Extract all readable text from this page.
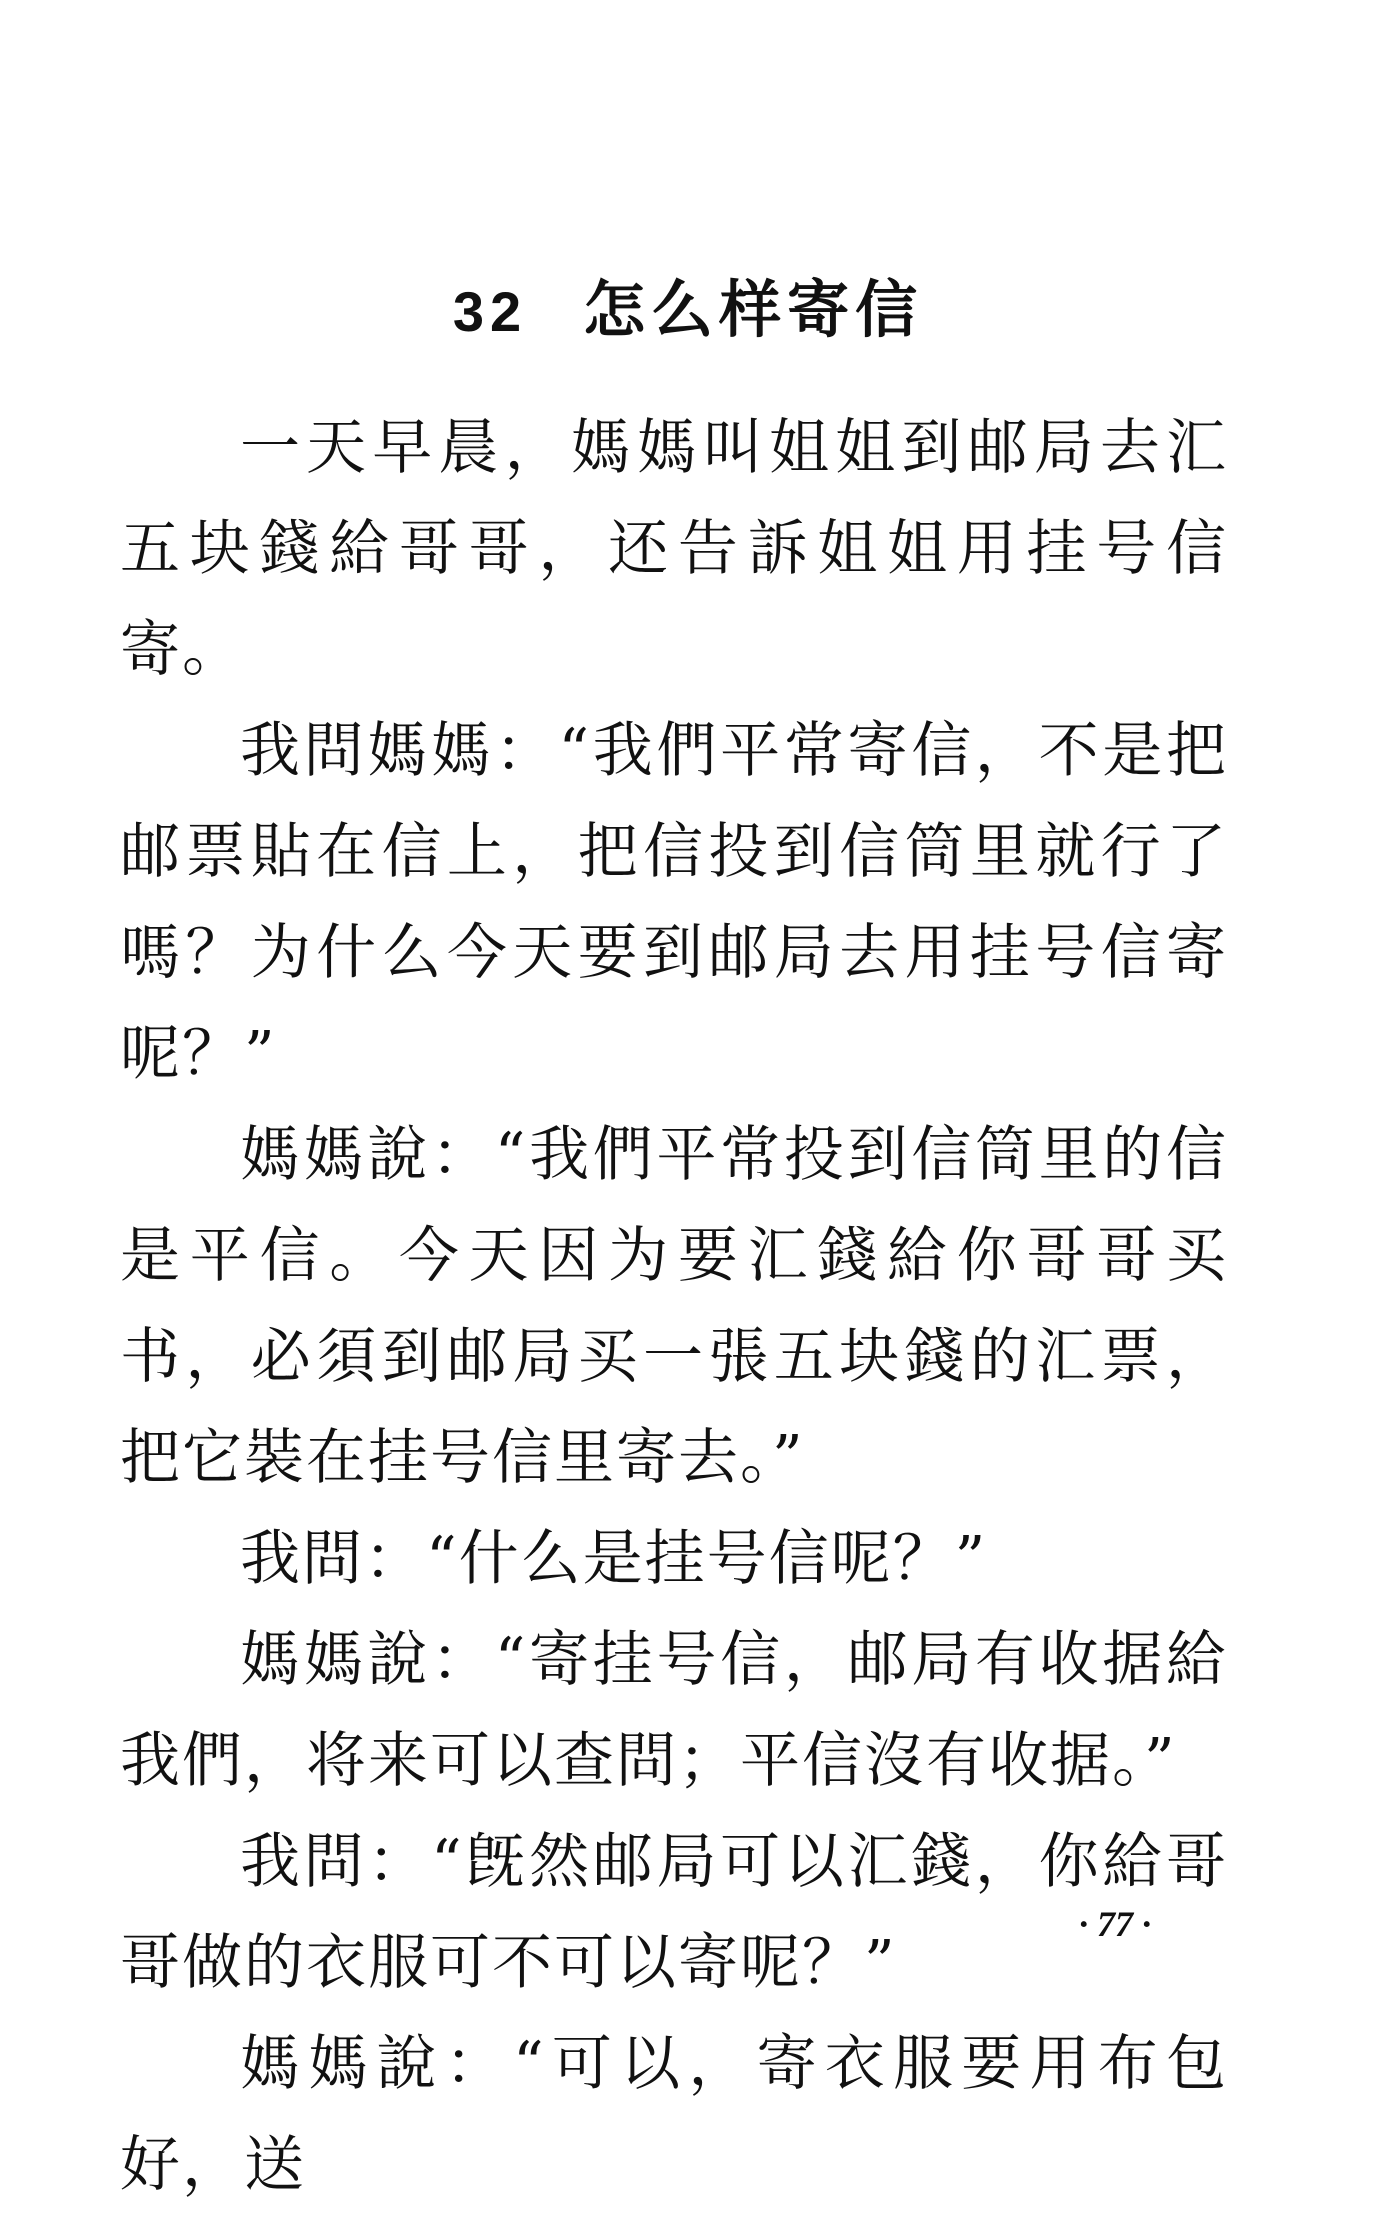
32 怎么样寄信

一天早晨，媽媽叫姐姐到邮局去汇五块錢給哥哥，还告訴姐姐用挂号信寄。

我問媽媽：“我們平常寄信，不是把邮票貼在信上，把信投到信筒里就行了嗎？为什么今天要到邮局去用挂号信寄呢？”

媽媽說：“我們平常投到信筒里的信是平信。今天因为要汇錢給你哥哥买书，必須到邮局买一張五块錢的汇票，把它裝在挂号信里寄去。”

我問：“什么是挂号信呢？”

媽媽說：“寄挂号信，邮局有收据給我們，将来可以查問；平信沒有收据。”

我問：“旣然邮局可以汇錢，你給哥哥做的衣服可不可以寄呢？”

媽媽說：“可以，寄衣服要用布包好，送

· 77 ·
